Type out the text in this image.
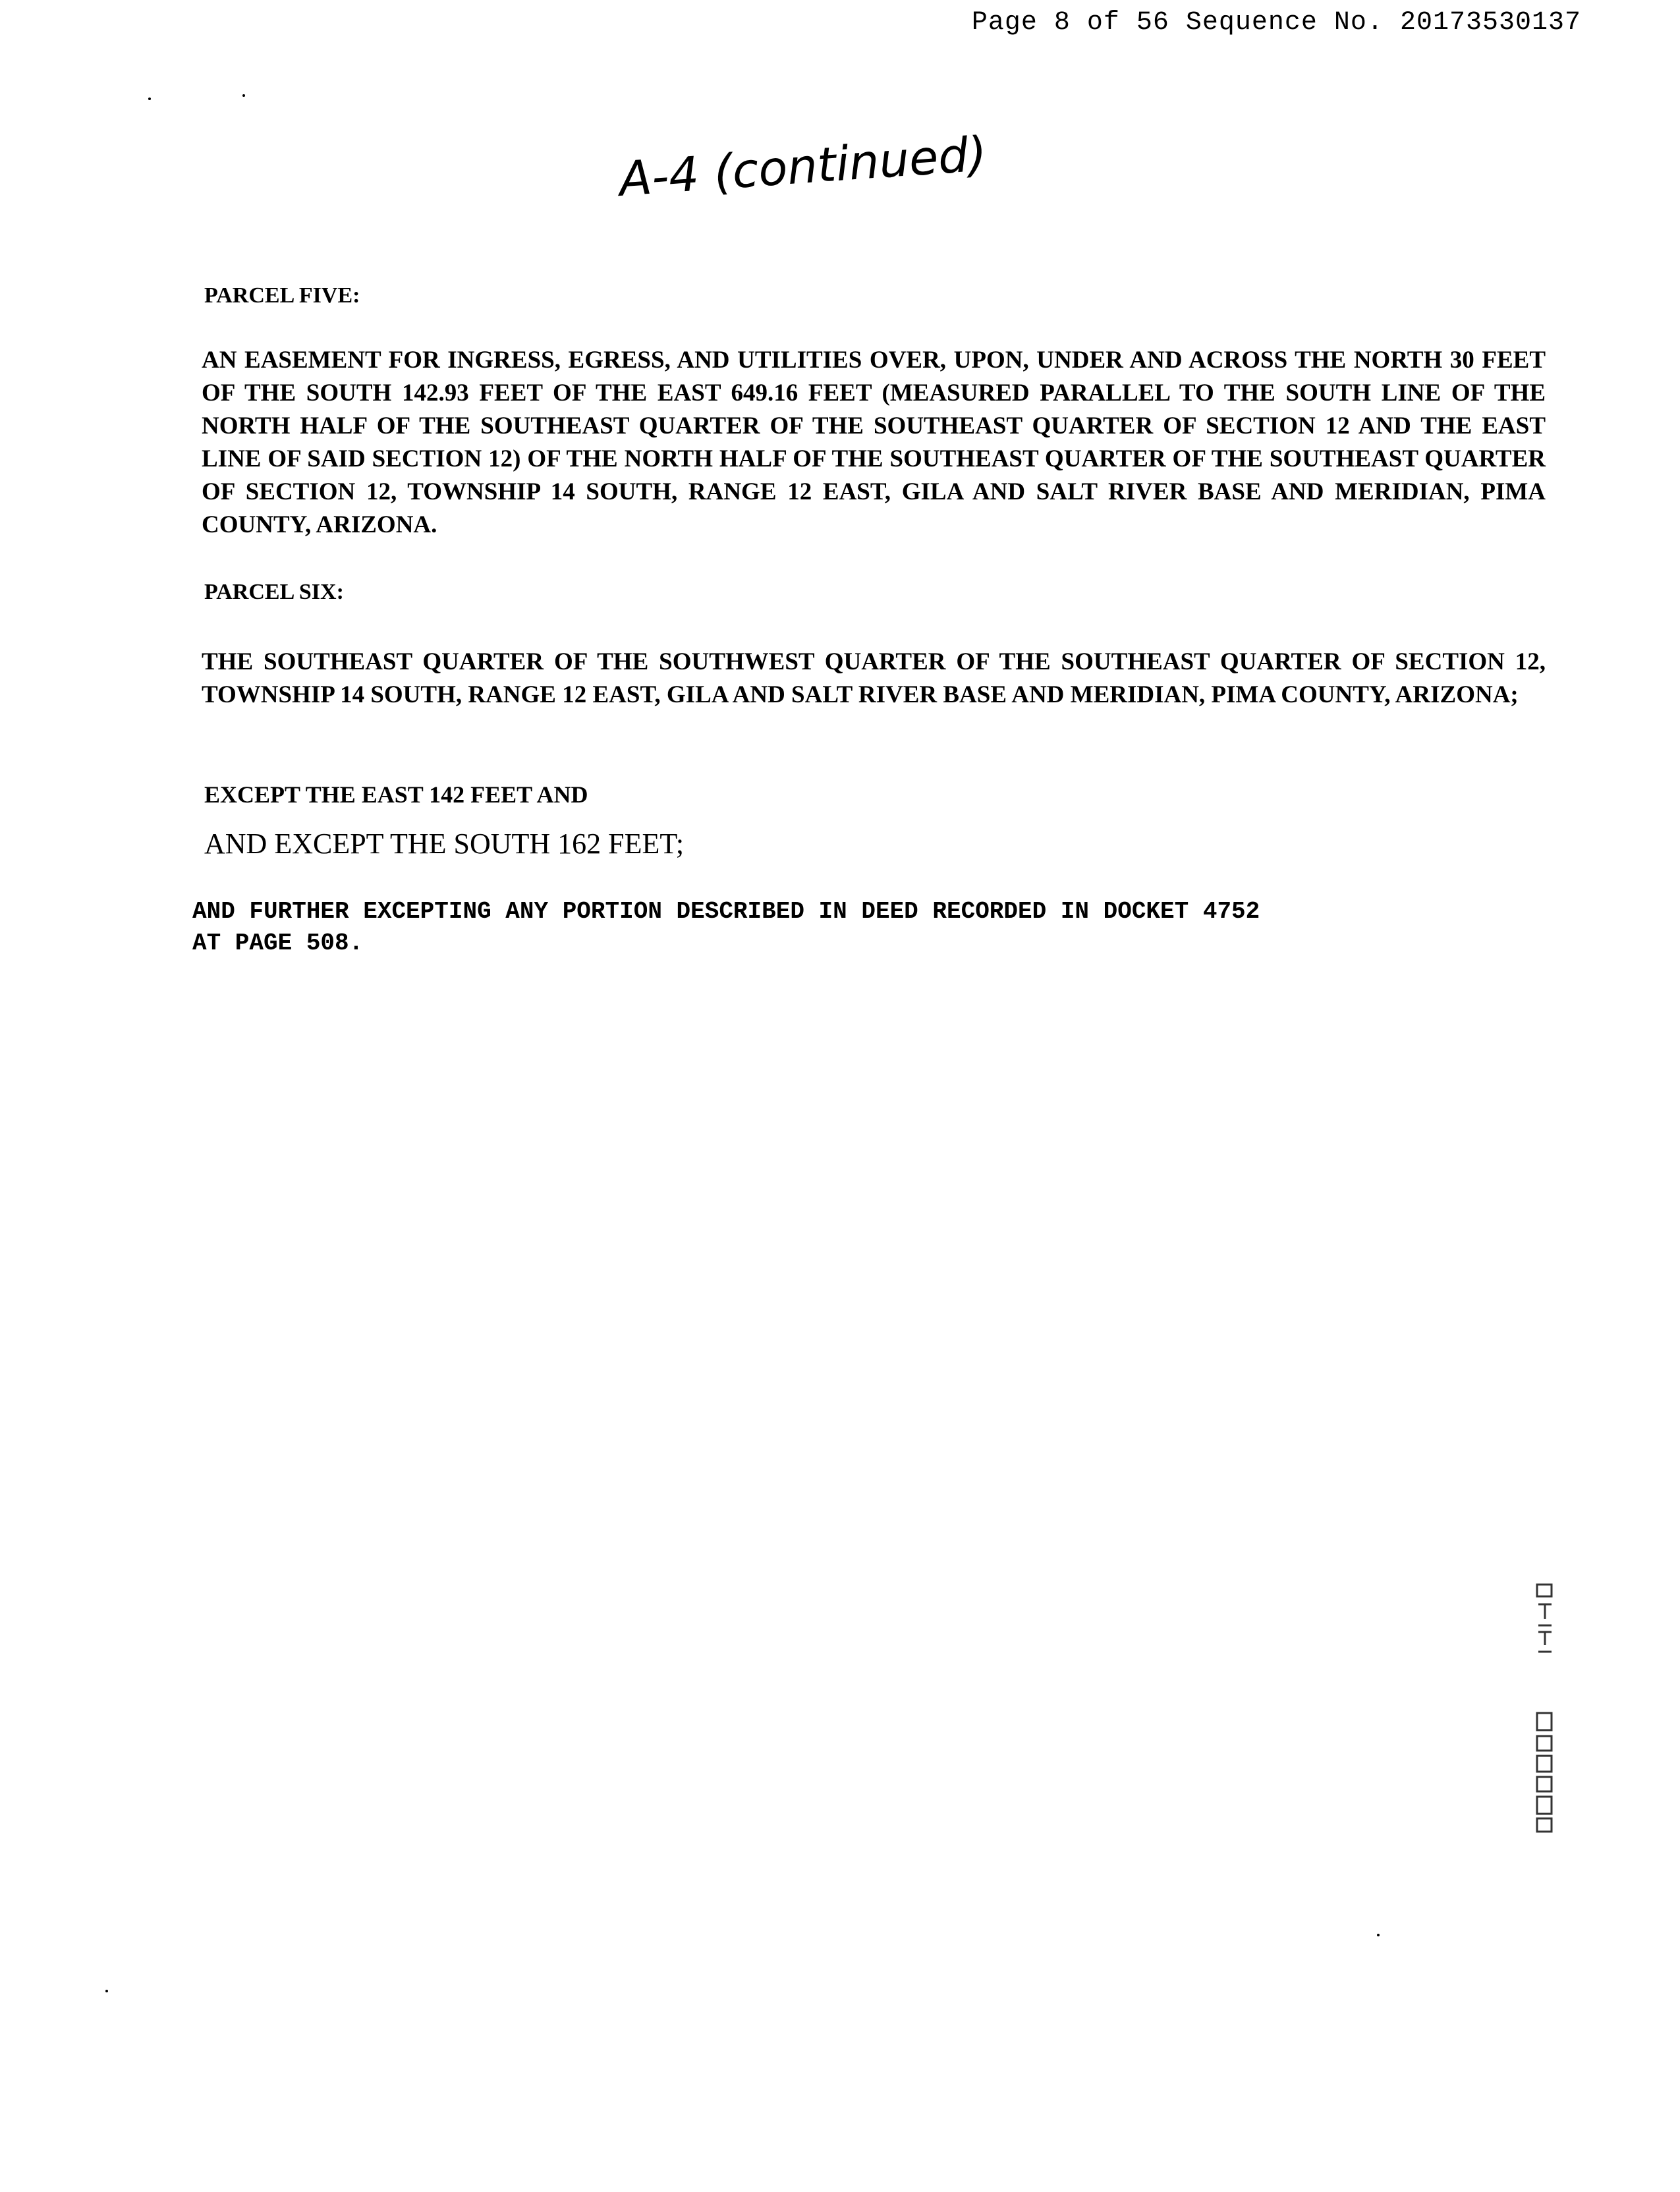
Page 8 of 56 Sequence No. 20173530137
A-4 (continued)
PARCEL FIVE:
AN EASEMENT FOR INGRESS, EGRESS, AND UTILITIES OVER, UPON, UNDER AND ACROSS THE NORTH 30 FEET OF THE SOUTH 142.93 FEET OF THE EAST 649.16 FEET (MEASURED PARALLEL TO THE SOUTH LINE OF THE NORTH HALF OF THE SOUTHEAST QUARTER OF THE SOUTHEAST QUARTER OF SECTION 12 AND THE EAST LINE OF SAID SECTION 12) OF THE NORTH HALF OF THE SOUTHEAST QUARTER OF THE SOUTHEAST QUARTER OF SECTION 12, TOWNSHIP 14 SOUTH, RANGE 12 EAST, GILA AND SALT RIVER BASE AND MERIDIAN, PIMA COUNTY, ARIZONA.
PARCEL SIX:
THE SOUTHEAST QUARTER OF THE SOUTHWEST QUARTER OF THE SOUTHEAST QUARTER OF SECTION 12, TOWNSHIP 14 SOUTH, RANGE 12 EAST, GILA AND SALT RIVER BASE AND MERIDIAN, PIMA COUNTY, ARIZONA;
EXCEPT THE EAST 142 FEET AND
AND EXCEPT THE SOUTH 162 FEET;
AND FURTHER EXCEPTING ANY PORTION DESCRIBED IN DEED RECORDED IN DOCKET 4752
AT PAGE 508.
